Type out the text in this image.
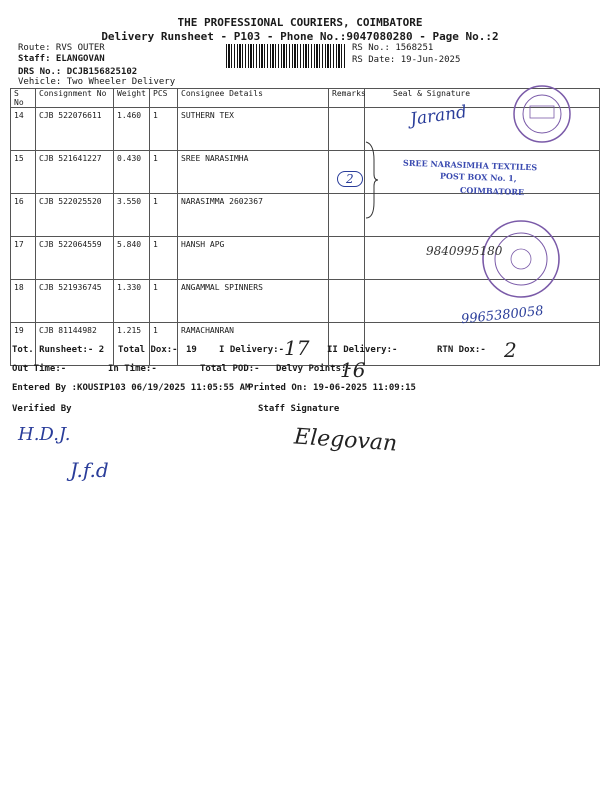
THE PROFESSIONAL COURIERS, COIMBATORE
Delivery Runsheet - P103 - Phone No.:9047080280 - Page No.:2
Route: RVS OUTER
Staff: ELANGOVAN
DRS No.: DCJB156825102
Vehicle: Two Wheeler Delivery
RS No.: 1568251
RS Date: 19-Jun-2025
S No	Consignment No	Weight	PCS	Consignee Details	Remarks	Seal & Signature
14	CJB 522076611	1.460	1	SUTHERN TEX		
15	CJB 521641227	0.430	1	SREE NARASIMHA		
16	CJB 522025520	3.550	1	NARASIMMA 2602367		
17	CJB 522064559	5.840	1	HANSH APG		
18	CJB 521936745	1.330	1	ANGAMMAL SPINNERS		
19	CJB 81144982	1.215	1	RAMACHANRAN		
SREE NARASIMHA TEXTILES
POST BOX No. 1,
COIMBATORE
Jarand
2
9840995180
9965380058
Tot. Runsheet:- 2 Total Dox:- 19 I Delivery:- 17 II Delivery:-	RTN Dox:- 2
Out Time:-	In Time:-	Total POD:- Delvy Points:-
16
Entered By :KOUSIP103 06/19/2025 11:05:55 AM
Printed On: 19-06-2025 11:09:15
Verified By	Staff Signature
H.D.J.
J.f.d
Elegovan
